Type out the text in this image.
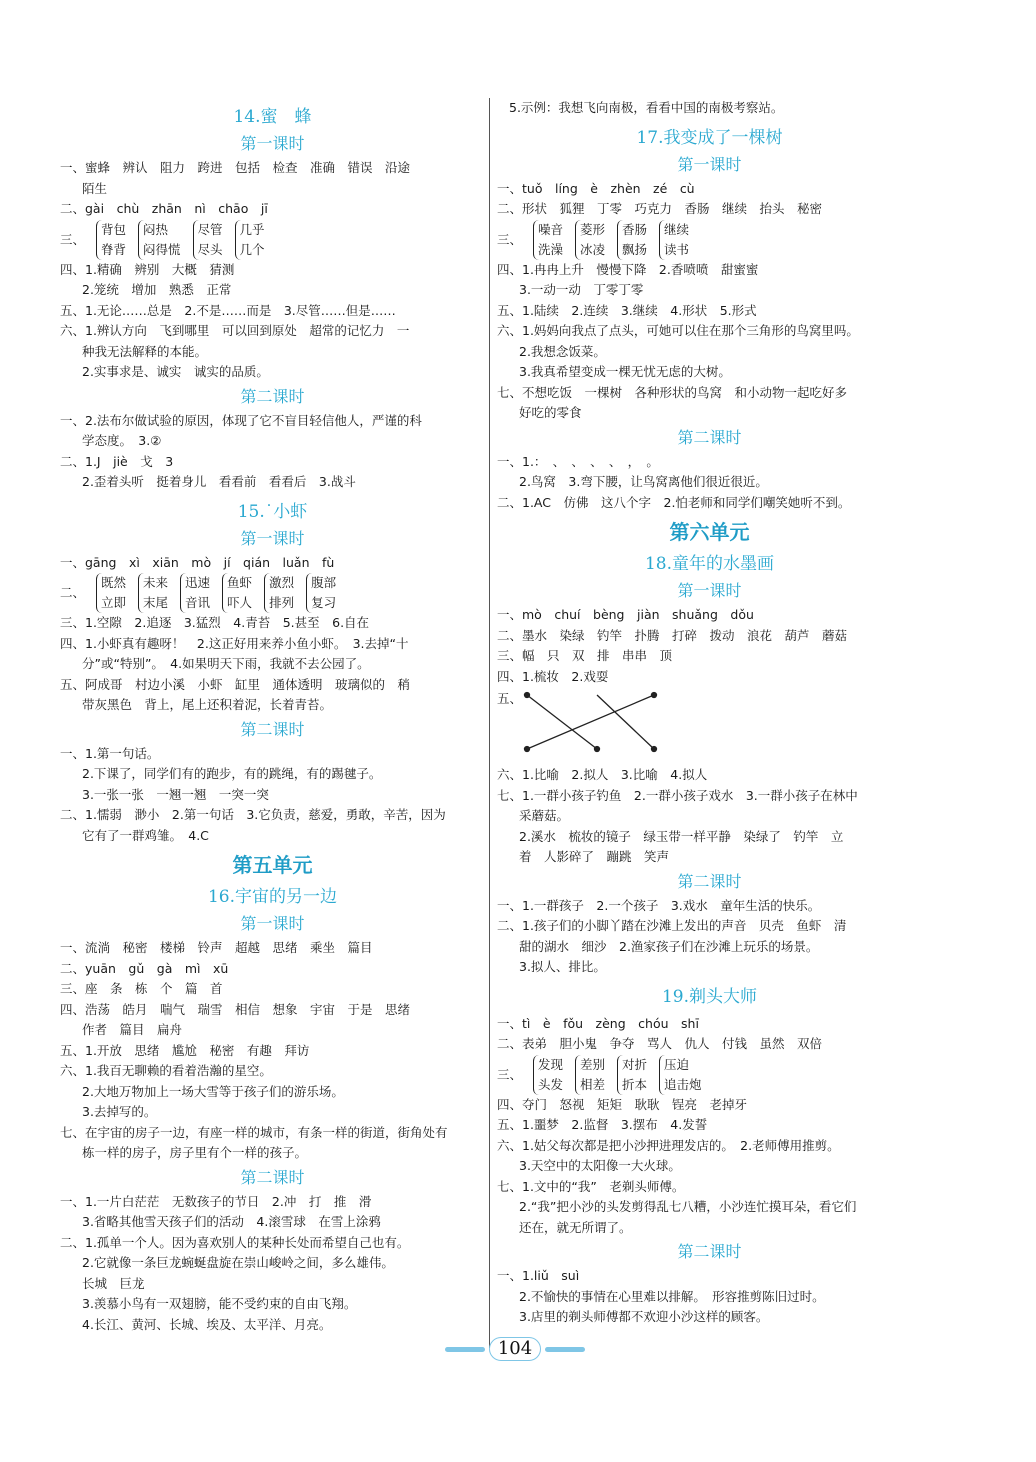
14.蜜　蜂
第一课时
一、蜜蜂　辨认　阻力　跨进　包括　检查　准确　错误　沿途
陌生
二、gài　chù　zhān　nì　chāo　jī
三、
背包
脊背
闷热
闷得慌
尽管
尽头
几乎
几个
四、1.精确　辨别　大概　猜测
2.笼统　增加　熟悉　正常
五、1.无论……总是　2.不是……而是　3.尽管……但是……
六、1.辨认方向　飞到哪里　可以回到原处　超常的记忆力　一
种我无法解释的本能。
2.实事求是、诚实　诚实的品质。
第二课时
一、2.法布尔做试验的原因，体现了它不盲目轻信他人，严谨的科
学态度。　3.②
二、1.J　jiè　戈　3
2.歪着头听　挺着身儿　看看前　看看后　3.战斗
15.˙小虾
第一课时
一、gāng　xì　xiān　mò　jí　qián　luǎn　fù
二、
既然
立即
未来
末尾
迅速
音讯
鱼虾
吓人
激烈
排列
腹部
复习
三、1.空隙　2.追逐　3.猛烈　4.青苔　5.甚至　6.自在
四、1.小虾真有趣呀！　2.这正好用来养小鱼小虾。　3.去掉“十
分”或“特别”。　4.如果明天下雨，我就不去公园了。
五、阿成哥　村边小溪　小虾　缸里　通体透明　玻璃似的　稍
带灰黑色　背上，尾上还积着泥，长着青苔。
第二课时
一、1.第一句话。
2.下课了，同学们有的跑步，有的跳绳，有的踢毽子。
3.一张一张　一翘一翘　一突一突
二、1.懦弱　渺小　2.第一句话　3.它负责，慈爱，勇敢，辛苦，因为
它有了一群鸡雏。　4.C
第五单元
16.宇宙的另一边
第一课时
一、流淌　秘密　楼梯　铃声　超越　思绪　乘坐　篇目
二、yuān　gǔ　gà　mì　xū
三、座　条　栋　个　篇　首
四、浩荡　皓月　喘气　瑞雪　相信　想象　宇宙　于是　思绪
作者　篇目　扁舟
五、1.开放　思绪　尴尬　秘密　有趣　拜访
六、1.我百无聊赖的看着浩瀚的星空。
2.大地万物加上一场大雪等于孩子们的游乐场。
3.去掉写的。
七、在宇宙的房子一边，有座一样的城市，有条一样的街道，街角处有
栋一样的房子，房子里有个一样的孩子。
第二课时
一、1.一片白茫茫　无数孩子的节日　2.冲　打　推　滑
3.省略其他雪天孩子们的活动　4.滚雪球　在雪上涂鸦
二、1.孤单一个人。因为喜欢别人的某种长处而希望自己也有。
2.它就像一条巨龙蜿蜒盘旋在崇山峻岭之间，多么雄伟。
长城　巨龙
3.羡慕小鸟有一双翅膀，能不受约束的自由飞翔。
4.长江、黄河、长城、埃及、太平洋、月亮。
5.示例：我想飞向南极，看看中国的南极考察站。
17.我变成了一棵树
第一课时
一、tuǒ　líng　è　zhèn　zé　cù
二、形状　狐狸　丁零　巧克力　香肠　继续　抬头　秘密
三、
噪音
洗澡
菱形
冰凌
香肠
飘扬
继续
读书
四、1.冉冉上升　慢慢下降　2.香喷喷　甜蜜蜜
3.一动一动　丁零丁零
五、1.陆续　2.连续　3.继续　4.形状　5.形式
六、1.妈妈向我点了点头，可她可以住在那个三角形的鸟窝里吗。
2.我想念饭菜。
3.我真希望变成一棵无忧无虑的大树。
七、不想吃饭　一棵树　各种形状的鸟窝　和小动物一起吃好多
好吃的零食
第二课时
一、1.：　、　、　、　、　，　。
2.鸟窝　3.弯下腰，让鸟窝离他们很近很近。
二、1.AC　仿佛　这八个字　2.怕老师和同学们嘲笑她听不到。
第六单元
18.童年的水墨画
第一课时
一、mò　chuí　bèng　jiàn　shuǎng　dǒu
二、墨水　染绿　钓竿　扑腾　打碎　拨动　浪花　葫芦　蘑菇
三、幅　只　双　排　串串　顶
四、1.梳妆　2.戏耍
五、
六、1.比喻　2.拟人　3.比喻　4.拟人
七、1.一群小孩子钓鱼　2.一群小孩子戏水　3.一群小孩子在林中
采蘑菇。
2.溪水　梳妆的镜子　绿玉带一样平静　染绿了　钓竿　立
着　人影碎了　蹦跳　笑声
第二课时
一、1.一群孩子　2.一个孩子　3.戏水　童年生活的快乐。
二、1.孩子们的小脚丫踏在沙滩上发出的声音　贝壳　鱼虾　清
甜的湖水　细沙　2.渔家孩子们在沙滩上玩乐的场景。
3.拟人、排比。
19.剃头大师
一、tì　è　fǒu　zèng　chóu　shī
二、表弟　胆小鬼　争夺　骂人　仇人　付钱　虽然　双倍
三、
发现
头发
差别
相差
对折
折本
压迫
追击炮
四、夺门　怒视　矩矩　耿耿　锃亮　老掉牙
五、1.噩梦　2.监督　3.摆布　4.发誓
六、1.姑父每次都是把小沙押进理发店的。　2.老师傅用推剪。
3.天空中的太阳像一大火球。
七、1.文中的“我”　老剃头师傅。
2.“我”把小沙的头发剪得乱七八糟，小沙连忙摸耳朵，看它们
还在，就无所谓了。
第二课时
一、1.liǔ　suì
2.不愉快的事情在心里难以排解。　形容推剪陈旧过时。
3.店里的剃头师傅都不欢迎小沙这样的顾客。
104
